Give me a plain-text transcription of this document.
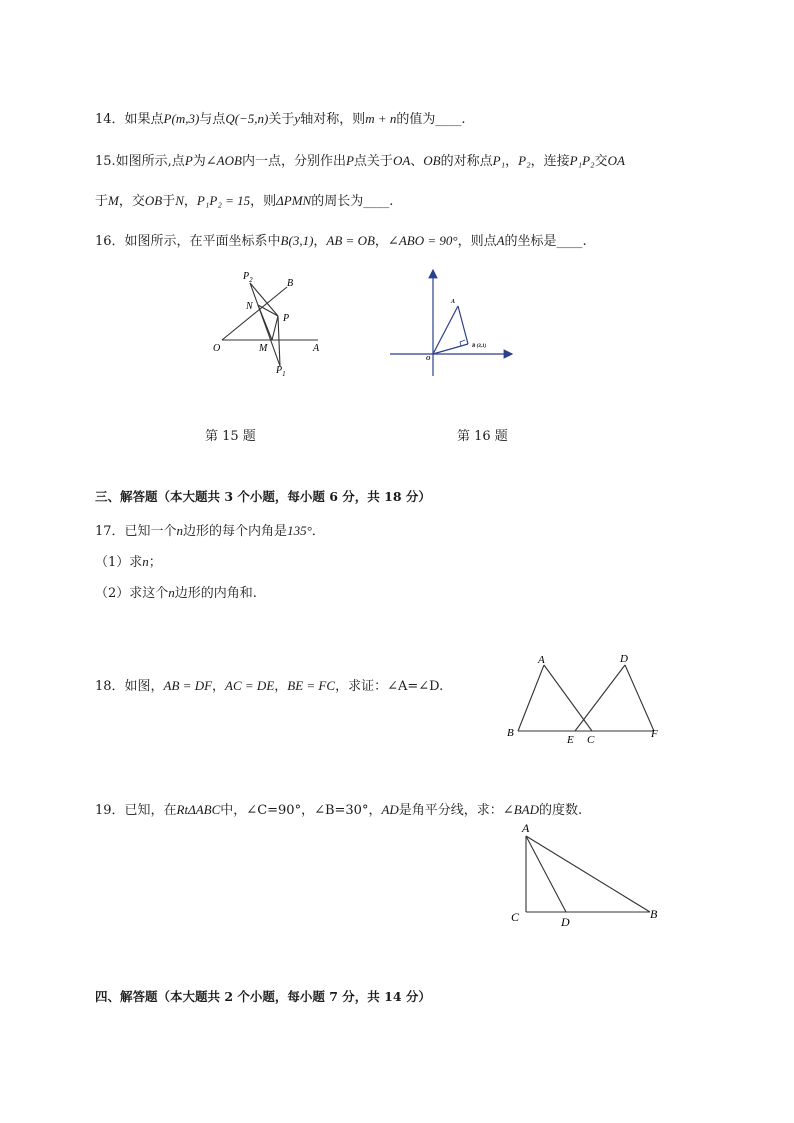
14．如果点P(m,3)与点Q(−5,n)关于y轴对称，则m + n的值为____.
15.如图所示,点P为∠AOB内一点，分别作出P点关于OA、OB的对称点P₁，P₂，连接P₁P₂交OA
于M，交OB于N，P₁P₂ = 15，则ΔPMN的周长为____.
16．如图所示，在平面坐标系中B(3,1)，AB = OB，∠ABO = 90°，则点A的坐标是____.
$P_2$	B
N
P
O	M	A
$P_1$
A
B (3,1)
O
第 15 题	第 16 题
三、解答题（本大题共 3 个小题，每小题 6 分，共 18 分）
17．已知一个n边形的每个内角是135°．
（1）求n；
（2）求这个n边形的内角和.
18．如图，AB = DF，AC = DE，BE = FC，求证：∠A=∠D.
A	D
B
E C	F
19．已知，在RtΔABC中，∠C=90°，∠B=30°，AD是角平分线，求：∠BAD的度数.
A
C	D
B
四、解答题（本大题共 2 个小题，每小题 7 分，共 14 分）
